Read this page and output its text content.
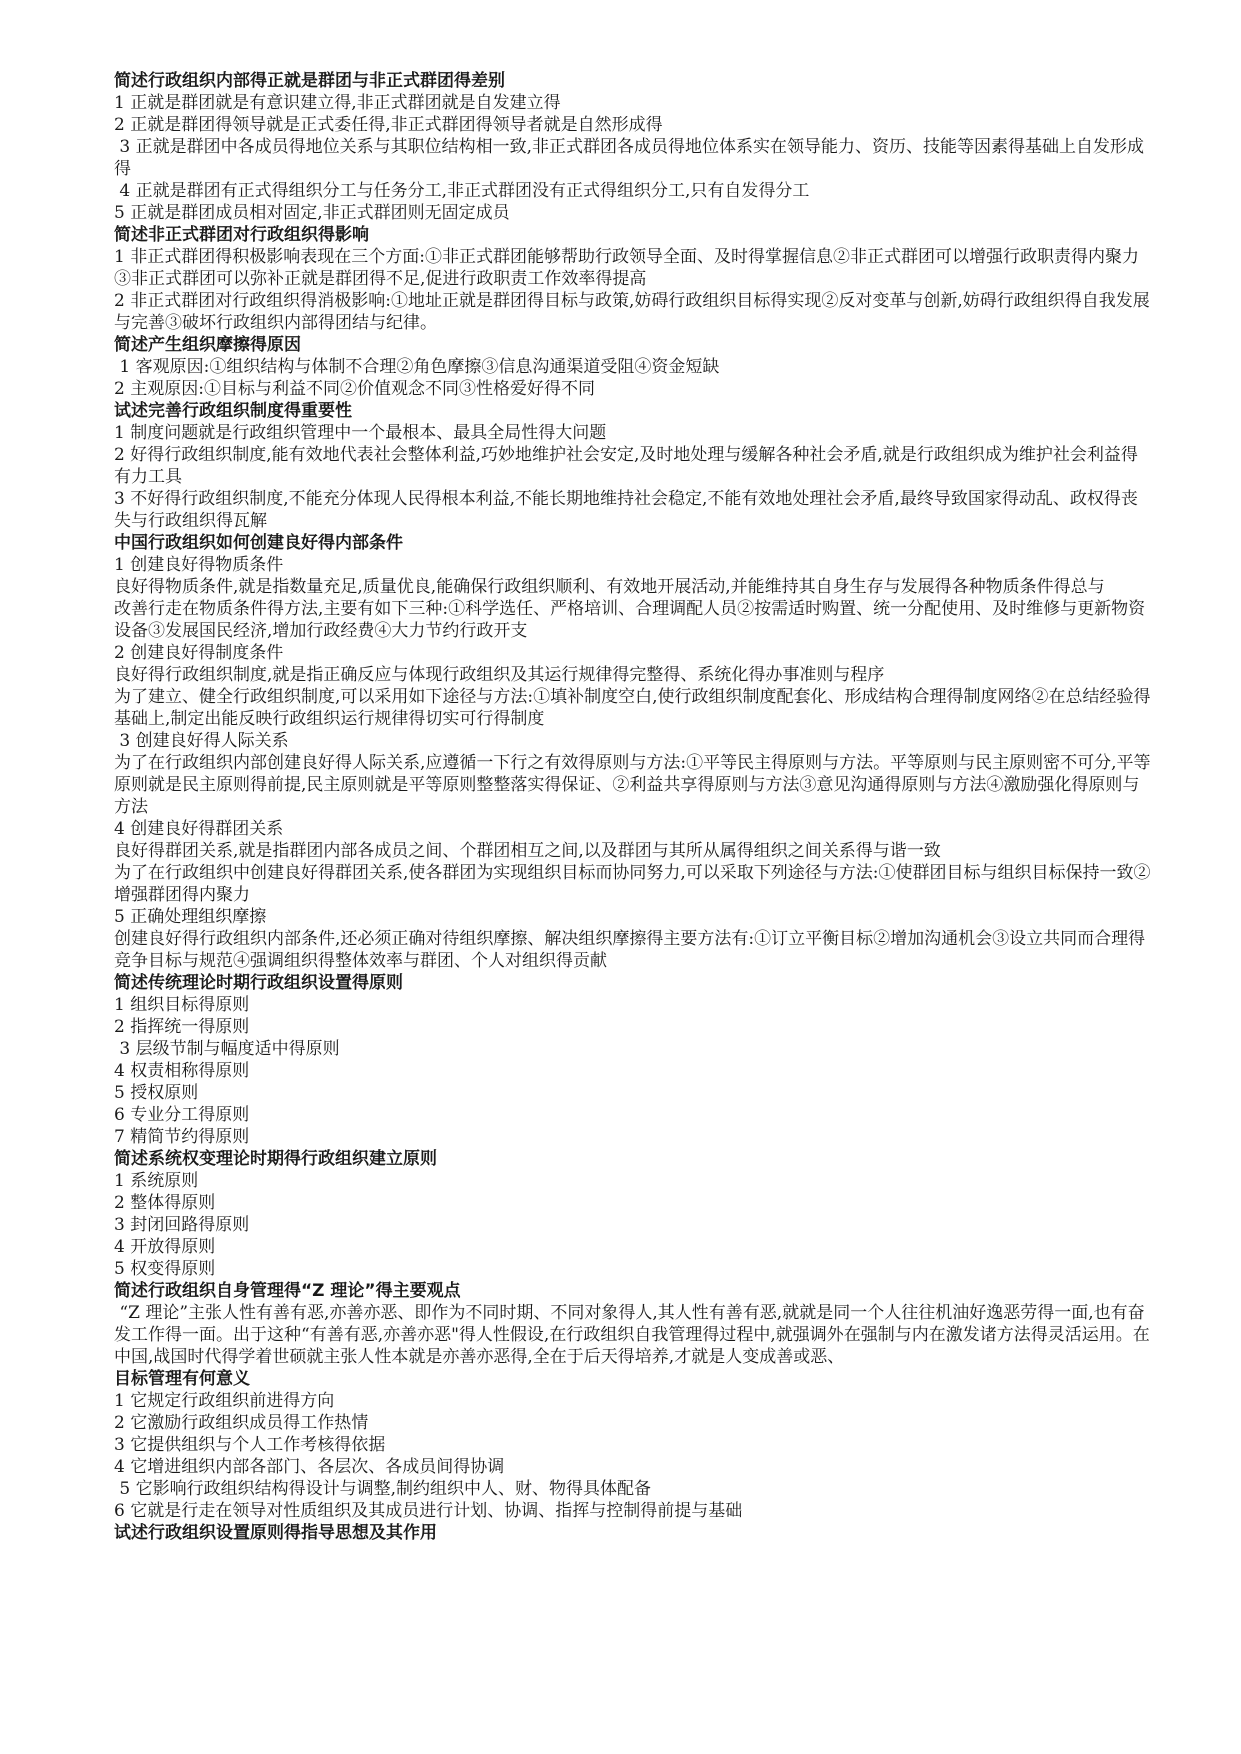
简述行政组织内部得正就是群团与非正式群团得差别
1 正就是群团就是有意识建立得,非正式群团就是自发建立得
2 正就是群团得领导就是正式委任得,非正式群团得领导者就是自然形成得
3 正就是群团中各成员得地位关系与其职位结构相一致,非正式群团各成员得地位体系实在领导能力、资历、技能等因素得基础上自发形成得
4 正就是群团有正式得组织分工与任务分工,非正式群团没有正式得组织分工,只有自发得分工
5 正就是群团成员相对固定,非正式群团则无固定成员
简述非正式群团对行政组织得影响
1 非正式群团得积极影响表现在三个方面:①非正式群团能够帮助行政领导全面、及时得掌握信息②非正式群团可以增强行政职责得内聚力③非正式群团可以弥补正就是群团得不足,促进行政职责工作效率得提高
2 非正式群团对行政组织得消极影响:①地址正就是群团得目标与政策,妨碍行政组织目标得实现②反对变革与创新,妨碍行政组织得自我发展与完善③破坏行政组织内部得团结与纪律。
简述产生组织摩擦得原因
1 客观原因:①组织结构与体制不合理②角色摩擦③信息沟通渠道受阻④资金短缺
2 主观原因:①目标与利益不同②价值观念不同③性格爱好得不同
试述完善行政组织制度得重要性
1 制度问题就是行政组织管理中一个最根本、最具全局性得大问题
2 好得行政组织制度,能有效地代表社会整体利益,巧妙地维护社会安定,及时地处理与缓解各种社会矛盾,就是行政组织成为维护社会利益得有力工具
3 不好得行政组织制度,不能充分体现人民得根本利益,不能长期地维持社会稳定,不能有效地处理社会矛盾,最终导致国家得动乱、政权得丧失与行政组织得瓦解
中国行政组织如何创建良好得内部条件
1 创建良好得物质条件
良好得物质条件,就是指数量充足,质量优良,能确保行政组织顺利、有效地开展活动,并能维持其自身生存与发展得各种物质条件得总与
改善行走在物质条件得方法,主要有如下三种:①科学选任、严格培训、合理调配人员②按需适时购置、统一分配使用、及时维修与更新物资设备③发展国民经济,增加行政经费④大力节约行政开支
2 创建良好得制度条件
良好得行政组织制度,就是指正确反应与体现行政组织及其运行规律得完整得、系统化得办事准则与程序
为了建立、健全行政组织制度,可以采用如下途径与方法:①填补制度空白,使行政组织制度配套化、形成结构合理得制度网络②在总结经验得基础上,制定出能反映行政组织运行规律得切实可行得制度
3 创建良好得人际关系
为了在行政组织内部创建良好得人际关系,应遵循一下行之有效得原则与方法:①平等民主得原则与方法。平等原则与民主原则密不可分,平等原则就是民主原则得前提,民主原则就是平等原则整整落实得保证、②利益共享得原则与方法③意见沟通得原则与方法④激励强化得原则与方法
4 创建良好得群团关系
良好得群团关系,就是指群团内部各成员之间、个群团相互之间,以及群团与其所从属得组织之间关系得与谐一致
为了在行政组织中创建良好得群团关系,使各群团为实现组织目标而协同努力,可以采取下列途径与方法:①使群团目标与组织目标保持一致②增强群团得内聚力
5 正确处理组织摩擦
创建良好得行政组织内部条件,还必须正确对待组织摩擦、解决组织摩擦得主要方法有:①订立平衡目标②增加沟通机会③设立共同而合理得竞争目标与规范④强调组织得整体效率与群团、个人对组织得贡献
简述传统理论时期行政组织设置得原则
1 组织目标得原则
2 指挥统一得原则
3 层级节制与幅度适中得原则
4 权责相称得原则
5 授权原则
6 专业分工得原则
7 精简节约得原则
简述系统权变理论时期得行政组织建立原则
1 系统原则
2 整体得原则
3 封闭回路得原则
4 开放得原则
5 权变得原则
简述行政组织自身管理得“Z 理论”得主要观点
“Z 理论”主张人性有善有恶,亦善亦恶、即作为不同时期、不同对象得人,其人性有善有恶,就就是同一个人往往机油好逸恶劳得一面,也有奋发工作得一面。出于这种“有善有恶,亦善亦恶"得人性假设,在行政组织自我管理得过程中,就强调外在强制与内在激发诸方法得灵活运用。在中国,战国时代得学着世硕就主张人性本就是亦善亦恶得,全在于后天得培养,才就是人变成善或恶、
目标管理有何意义
1 它规定行政组织前进得方向
2 它激励行政组织成员得工作热情
3 它提供组织与个人工作考核得依据
4 它增进组织内部各部门、各层次、各成员间得协调
5 它影响行政组织结构得设计与调整,制约组织中人、财、物得具体配备
6 它就是行走在领导对性质组织及其成员进行计划、协调、指挥与控制得前提与基础
试述行政组织设置原则得指导思想及其作用
